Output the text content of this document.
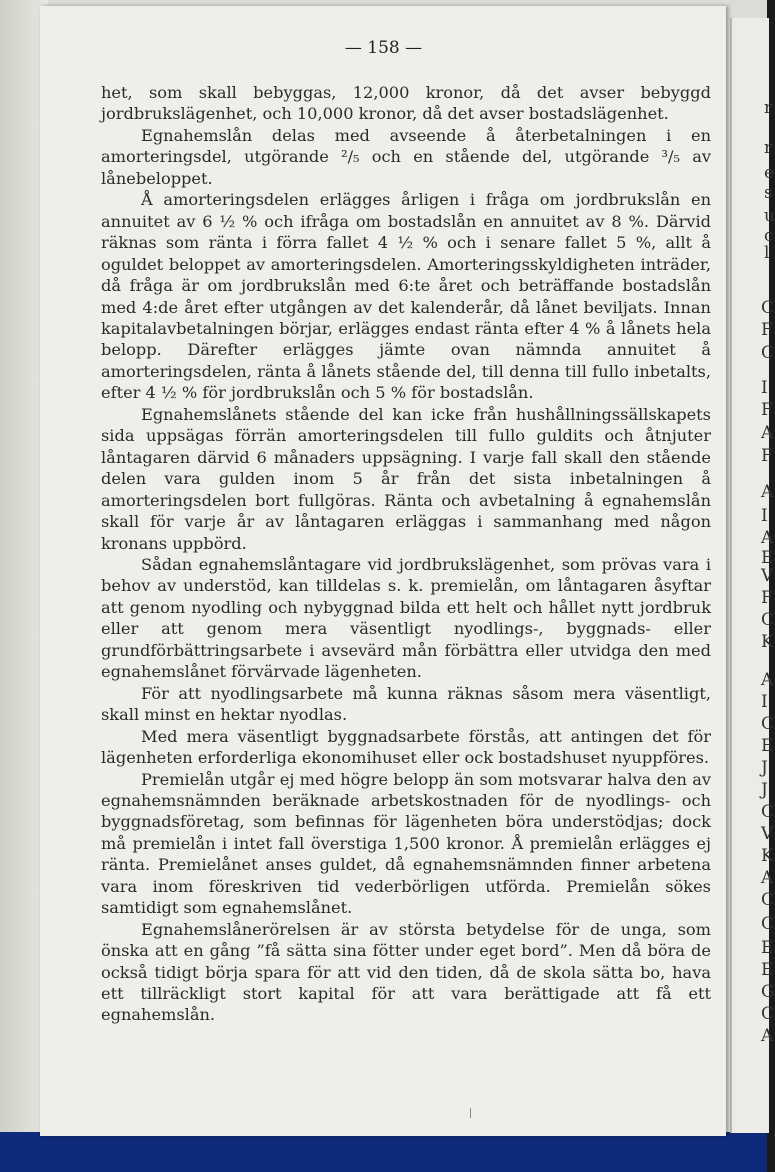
r
r
e
s
u
c
l
C
F
C
I
F
A
F
A
I
A
E
V
F
C
K
A
I
C
E
J
J
C
V
K
A
C
C
E
E
G
C
A
— 158 —

het, som skall bebyggas, 12,000 kronor, då det avser bebyggd jordbrukslägenhet, och 10,000 kronor, då det avser bostadslägenhet.

Egnahemslån delas med avseende å återbetalningen i en amorteringsdel, utgörande ²/₅ och en stående del, utgörande ³/₅ av lånebeloppet.

Å amorteringsdelen erlägges årligen i fråga om jordbrukslån en annuitet av 6 ½ % och ifråga om bostadslån en annuitet av 8 %. Därvid räknas som ränta i förra fallet 4 ½ % och i senare fallet 5 %, allt å oguldet beloppet av amorteringsdelen. Amorteringsskyldigheten inträder, då fråga är om jordbrukslån med 6:te året och beträffande bostadslån med 4:de året efter utgången av det kalenderår, då lånet beviljats. Innan kapitalavbetalningen börjar, erlägges endast ränta efter 4 % å lånets hela belopp. Därefter erlägges jämte ovan nämnda annuitet å amorteringsdelen, ränta å lånets stående del, till denna till fullo inbetalts, efter 4 ½ % för jordbrukslån och 5 % för bostadslån.

Egnahemslånets stående del kan icke från hushållningssällskapets sida uppsägas förrän amorteringsdelen till fullo guldits och åtnjuter låntagaren därvid 6 månaders uppsägning. I varje fall skall den stående delen vara gulden inom 5 år från det sista inbetalningen å amorteringsdelen bort fullgöras. Ränta och avbetalning å egnahemslån skall för varje år av låntagaren erläggas i sammanhang med någon kronans uppbörd.

Sådan egnahemslåntagare vid jordbrukslägenhet, som prövas vara i behov av understöd, kan tilldelas s. k. premielån, om låntagaren åsyftar att genom nyodling och nybyggnad bilda ett helt och hållet nytt jordbruk eller att genom mera väsentligt nyodlings-, byggnads- eller grundförbättringsarbete i avsevärd mån förbättra eller utvidga den med egnahemslånet förvärvade lägenheten.

För att nyodlingsarbete må kunna räknas såsom mera väsentligt, skall minst en hektar nyodlas.

Med mera väsentligt byggnadsarbete förstås, att antingen det för lägenheten erforderliga ekonomihuset eller ock bostadshuset nyuppföres.

Premielån utgår ej med högre belopp än som motsvarar halva den av egnahemsnämnden beräknade arbetskostnaden för de nyodlings- och byggnadsföretag, som befinnas för lägenheten böra understödjas; dock må premielån i intet fall överstiga 1,500 kronor. Å premielån erlägges ej ränta. Premielånet anses guldet, då egnahemsnämnden finner arbetena vara inom föreskriven tid vederbörligen utförda. Premielån sökes samtidigt som egnahemslånet.

Egnahemslånerörelsen är av största betydelse för de unga, som önska att en gång ”få sätta sina fötter under eget bord”. Men då böra de också tidigt börja spara för att vid den tiden, då de skola sätta bo, hava ett tillräckligt stort kapital för att vara berättigade att få ett egnahemslån.
